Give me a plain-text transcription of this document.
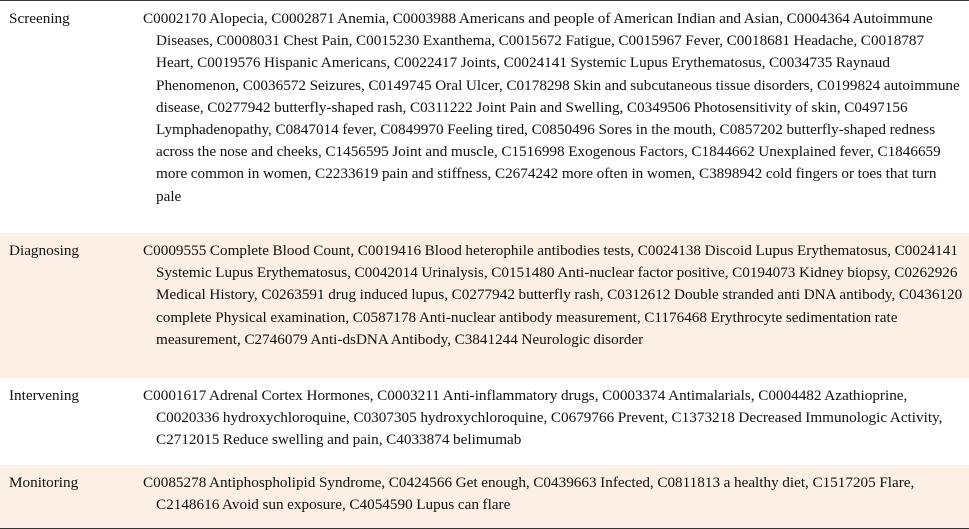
Screening	C0002170 Alopecia, C0002871 Anemia, C0003988 Americans and people of American Indian and Asian, C0004364 Autoimmune Diseases, C0008031 Chest Pain, C0015230 Exanthema, C0015672 Fatigue, C0015967 Fever, C0018681 Headache, C0018787 Heart, C0019576 Hispanic Americans, C0022417 Joints, C0024141 Systemic Lupus Erythematosus, C0034735 Raynaud Phenomenon, C0036572 Seizures, C0149745 Oral Ulcer, C0178298 Skin and subcutaneous tissue disorders, C0199824 autoimmune disease, C0277942 butterfly-shaped rash, C0311222 Joint Pain and Swelling, C0349506 Photosensitivity of skin, C0497156 Lymphadenopathy, C0847014 fever, C0849970 Feeling tired, C0850496 Sores in the mouth, C0857202 butterfly-shaped redness across the nose and cheeks, C1456595 Joint and muscle, C1516998 Exogenous Factors, C1844662 Unexplained fever, C1846659 more common in women, C2233619 pain and stiffness, C2674242 more often in women, C3898942 cold fingers or toes that turn pale

Diagnosing	C0009555 Complete Blood Count, C0019416 Blood heterophile antibodies tests, C0024138 Discoid Lupus Erythematosus, C0024141 Systemic Lupus Erythematosus, C0042014 Urinalysis, C0151480 Anti-nuclear factor positive, C0194073 Kidney biopsy, C0262926 Medical History, C0263591 drug induced lupus, C0277942 butterfly rash, C0312612 Double stranded anti DNA antibody, C0436120 complete Physical examination, C0587178 Anti-nuclear antibody measurement, C1176468 Erythrocyte sedimentation rate measurement, C2746079 Anti-dsDNA Antibody, C3841244 Neurologic disorder

Intervening	C0001617 Adrenal Cortex Hormones, C0003211 Anti-inflammatory drugs, C0003374 Antimalarials, C0004482 Azathioprine, C0020336 hydroxychloroquine, C0307305 hydroxychloroquine, C0679766 Prevent, C1373218 Decreased Immunologic Activity, C2712015 Reduce swelling and pain, C4033874 belimumab

Monitoring	C0085278 Antiphospholipid Syndrome, C0424566 Get enough, C0439663 Infected, C0811813 a healthy diet, C1517205 Flare, C2148616 Avoid sun exposure, C4054590 Lupus can flare
